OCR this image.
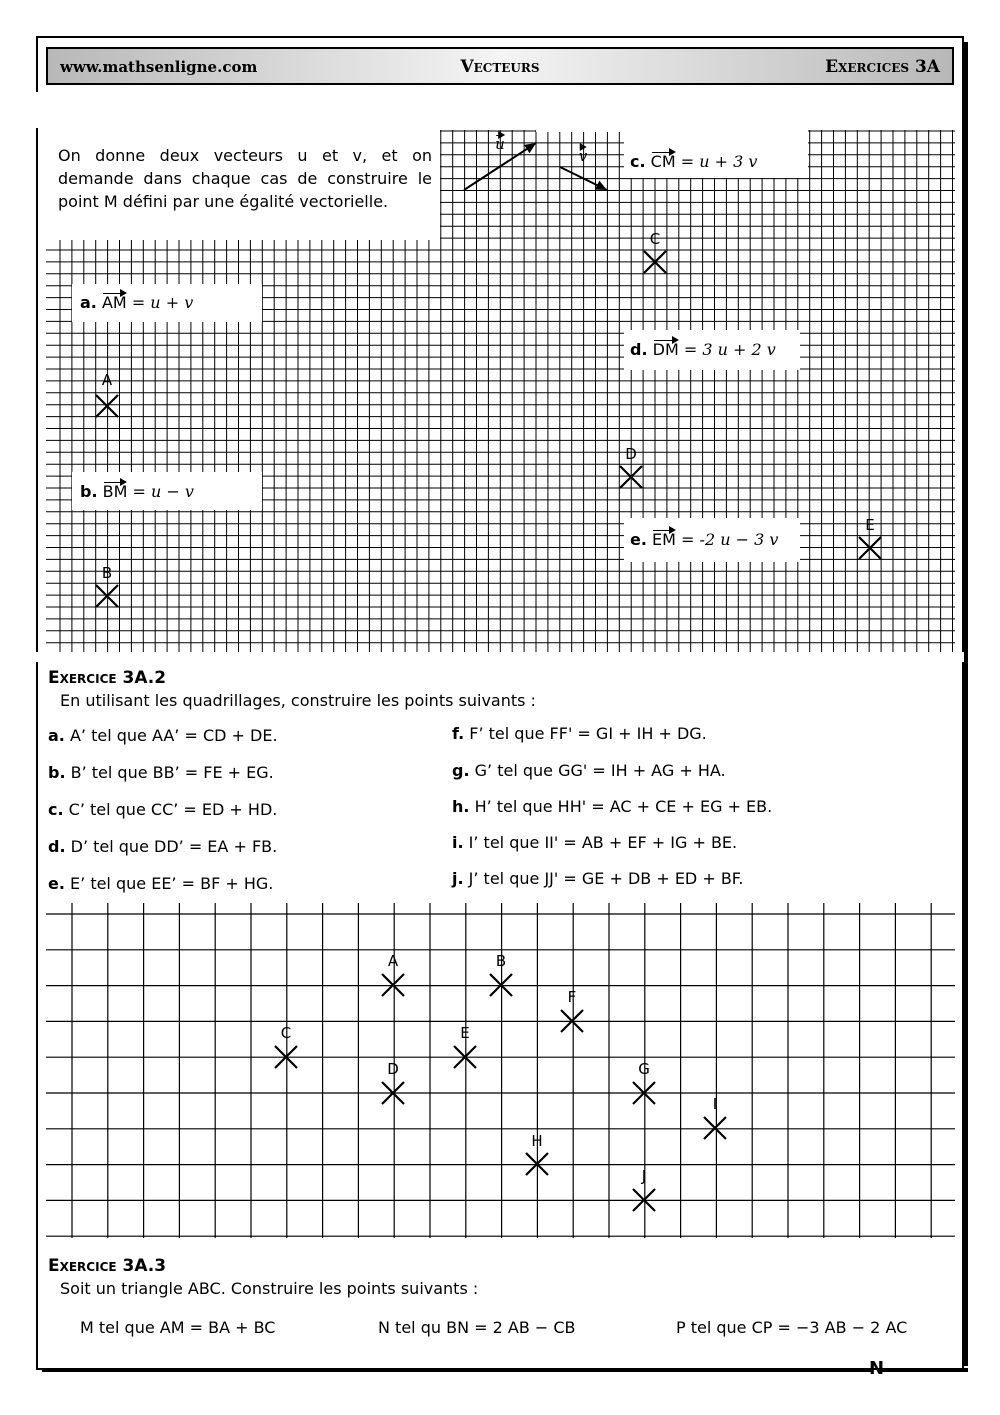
N
www.mathsenligne.com	Vecteurs	Exercices 3A

On donne deux vecteurs u et v, et on demande dans chaque cas de construire le point M défini par une égalité vectorielle.

u
v	c. CM = u + 3 v
a. AM = u + v
d. DM = 3 u + 2 v
b. BM = u − v
e. EM = -2 u − 3 v
A
B
C
D
E
Exercice 3A.2
En utilisant les quadrillages, construire les points suivants :
a. A’ tel que AA’ = CD + DE.
b. B’ tel que BB’ = FE + EG.
c. C’ tel que CC’ = ED + HD.
d. D’ tel que DD’ = EA + FB.
e. E’ tel que EE’ = BF + HG.
f. F’ tel que FF' = GI + IH + DG.
g. G’ tel que GG' = IH + AG + HA.
h. H’ tel que HH' = AC + CE + EG + EB.
i. I’ tel que II' = AB + EF + IG + BE.
j. J’ tel que JJ' = GE + DB + ED + BF.
A	B
C
D
E
F
G
H
I
J
Exercice 3A.3
Soit un triangle ABC. Construire les points suivants :
M tel que AM = BA + BC	N tel qu BN = 2 AB − CB	P tel que CP = −3 AB − 2 AC
